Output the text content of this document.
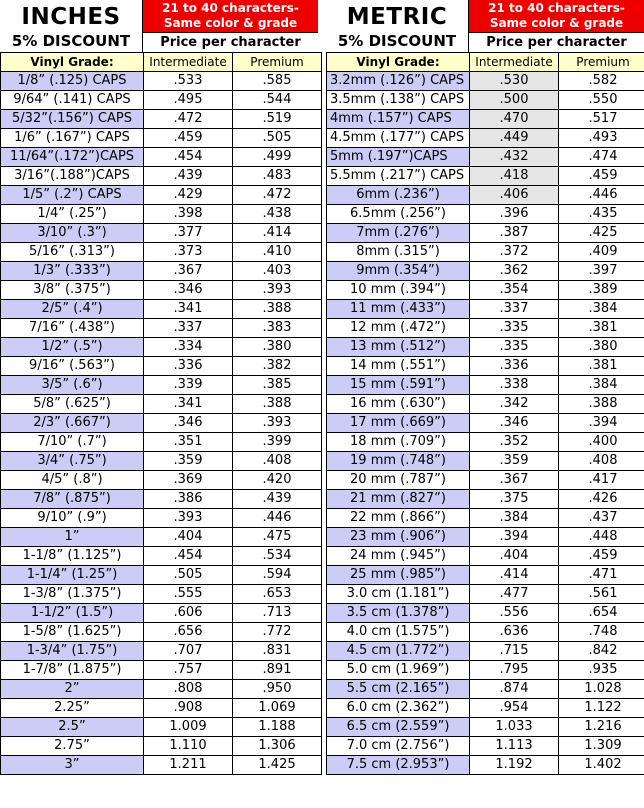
INCHES
5% DISCOUNT
21 to 40 characters-
Same color & grade
Price per character
Vinyl Grade:	Intermediate	Premium
1/8” (.125) CAPS	.533	.585
9/64” (.141) CAPS	.495	.544
5/32”(.156”) CAPS	.472	.519
1/6” (.167”) CAPS	.459	.505
11/64”(.172”)CAPS	.454	.499
3/16”(.188”)CAPS	.439	.483
1/5” (.2”) CAPS	.429	.472
1/4” (.25”)	.398	.438
3/10” (.3”)	.377	.414
5/16” (.313”)	.373	.410
1/3” (.333”)	.367	.403
3/8” (.375”)	.346	.393
2/5” (.4”)	.341	.388
7/16” (.438”)	.337	.383
1/2” (.5”)	.334	.380
9/16” (.563”)	.336	.382
3/5” (.6”)	.339	.385
5/8” (.625”)	.341	.388
2/3” (.667”)	.346	.393
7/10” (.7”)	.351	.399
3/4” (.75”)	.359	.408
4/5” (.8”)	.369	.420
7/8” (.875”)	.386	.439
9/10” (.9”)	.393	.446
1”	.404	.475
1-1/8” (1.125”)	.454	.534
1-1/4” (1.25”)	.505	.594
1-3/8” (1.375”)	.555	.653
1-1/2” (1.5”)	.606	.713
1-5/8” (1.625”)	.656	.772
1-3/4” (1.75”)	.707	.831
1-7/8” (1.875”)	.757	.891
2”	.808	.950
2.25”	.908	1.069
2.5”	1.009	1.188
2.75”	1.110	1.306
3”	1.211	1.425
METRIC
5% DISCOUNT
21 to 40 characters-
Same color & grade
Price per character
Vinyl Grade:	Intermediate	Premium
3.2mm (.126”) CAPS	.530	.582
3.5mm (.138”) CAPS	.500	.550
4mm (.157”) CAPS	.470	.517
4.5mm (.177”) CAPS	.449	.493
5mm (.197”)CAPS	.432	.474
5.5mm (.217”) CAPS	.418	.459
6mm (.236”)	.406	.446
6.5mm (.256”)	.396	.435
7mm (.276”)	.387	.425
8mm (.315”)	.372	.409
9mm (.354”)	.362	.397
10 mm (.394”)	.354	.389
11 mm (.433”)	.337	.384
12 mm (.472”)	.335	.381
13 mm (.512”)	.335	.380
14 mm (.551”)	.336	.381
15 mm (.591”)	.338	.384
16 mm (.630”)	.342	.388
17 mm (.669”)	.346	.394
18 mm (.709”)	.352	.400
19 mm (.748”)	.359	.408
20 mm (.787”)	.367	.417
21 mm (.827”)	.375	.426
22 mm (.866”)	.384	.437
23 mm (.906”)	.394	.448
24 mm (.945”)	.404	.459
25 mm (.985”)	.414	.471
3.0 cm (1.181”)	.477	.561
3.5 cm (1.378”)	.556	.654
4.0 cm (1.575”)	.636	.748
4.5 cm (1.772”)	.715	.842
5.0 cm (1.969”)	.795	.935
5.5 cm (2.165”)	.874	1.028
6.0 cm (2.362”)	.954	1.122
6.5 cm (2.559”)	1.033	1.216
7.0 cm (2.756”)	1.113	1.309
7.5 cm (2.953”)	1.192	1.402
